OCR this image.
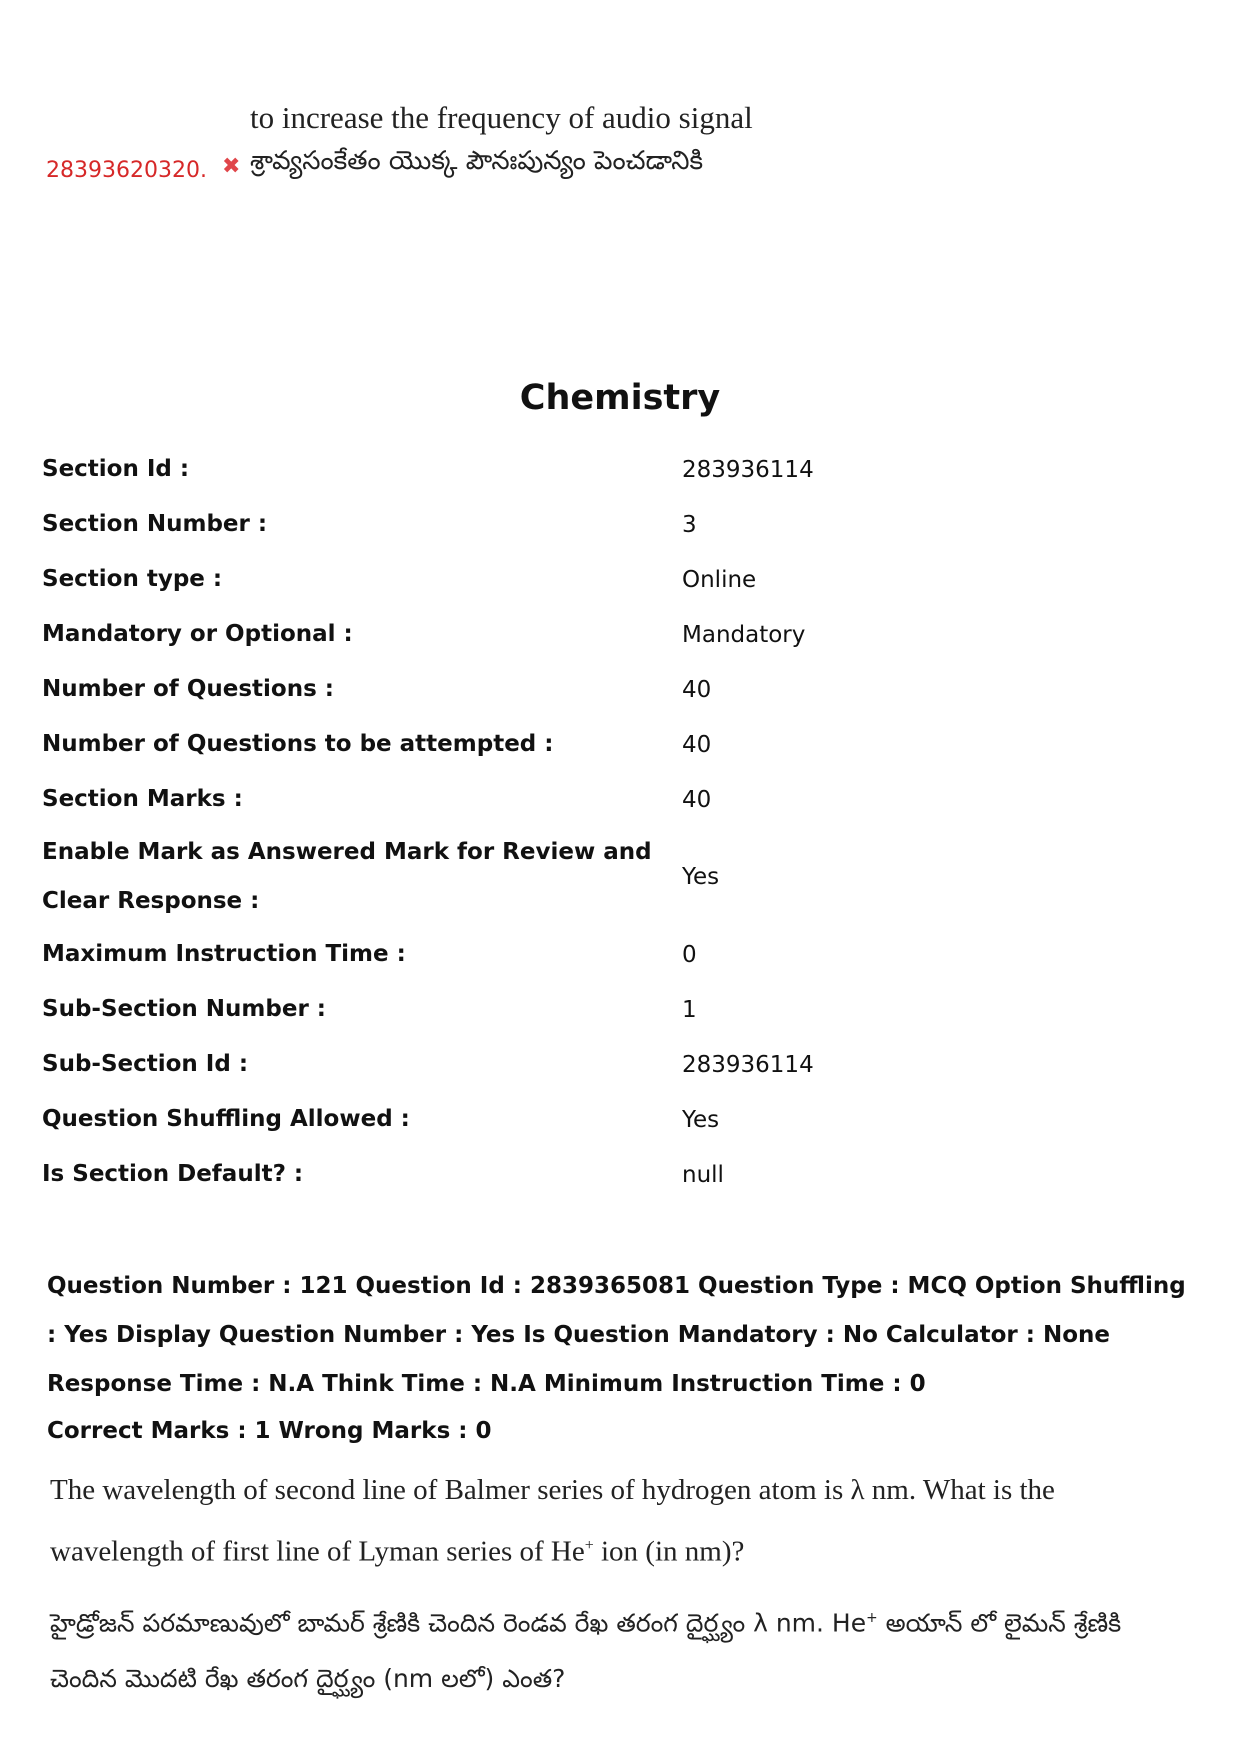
to increase the frequency of audio signal
28393620320. ✖ శ్రావ్యసంకేతం యొక్క పౌనఃపున్యం పెంచడానికి
Chemistry
Section Id :	283936114
Section Number :	3
Section type :	Online
Mandatory or Optional :	Mandatory
Number of Questions :	40
Number of Questions to be attempted :	40
Section Marks :	40
Enable Mark as Answered Mark for Review and Clear Response :
Yes
Maximum Instruction Time :	0
Sub-Section Number :	1
Sub-Section Id :	283936114
Question Shuffling Allowed :	Yes
Is Section Default? :	null
Question Number : 121 Question Id : 2839365081 Question Type : MCQ Option Shuffling : Yes Display Question Number : Yes Is Question Mandatory : No Calculator : None Response Time : N.A Think Time : N.A Minimum Instruction Time : 0
Correct Marks : 1 Wrong Marks : 0
The wavelength of second line of Balmer series of hydrogen atom is λ nm. What is the wavelength of first line of Lyman series of He+ ion (in nm)?
హైడ్రోజన్ పరమాణువులో బామర్ శ్రేణికి చెందిన రెండవ రేఖ తరంగ దైర్ఘ్యం λ nm. He+ అయాన్ లో లైమన్ శ్రేణికి చెందిన మొదటి రేఖ తరంగ దైర్ఘ్యం (nm లలో) ఎంత?
